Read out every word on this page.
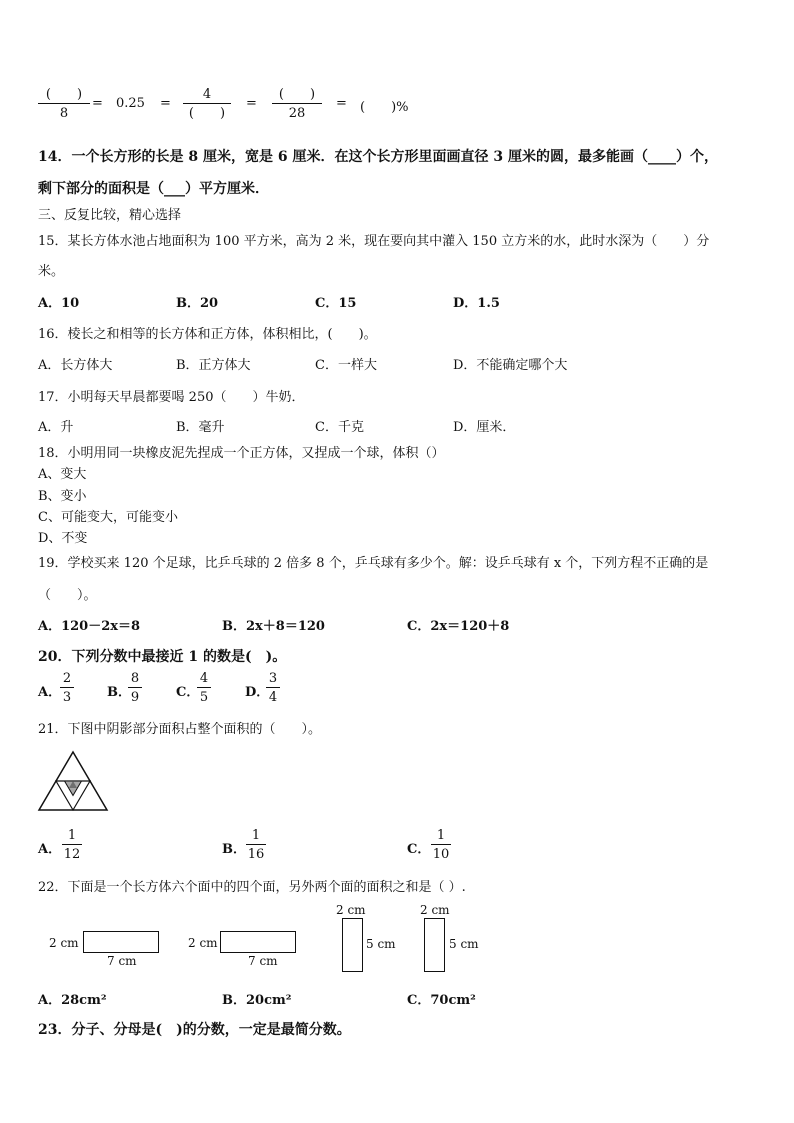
(　　)
8
= 0.25 =
4
(　　)
=
(　　)
28
= (　　)%
14．一个长方形的长是 8 厘米，宽是 6 厘米．在这个长方形里面画直径 3 厘米的圆，最多能画（____）个，
剩下部分的面积是（___）平方厘米．
三、反复比较，精心选择
15．某长方体水池占地面积为 100 平方米，高为 2 米，现在要向其中灌入 150 立方米的水，此时水深为（　　）分
米。
A．10	B．20	C．15	D．1.5
16．棱长之和相等的长方体和正方体，体积相比，(　　)。
A．长方体大	B．正方体大	C．一样大	D．不能确定哪个大
17．小明每天早晨都要喝 250（　　）牛奶．
A．升	B．毫升	C．千克	D．厘米．
18．小明用同一块橡皮泥先捏成一个正方体，又捏成一个球，体积（）
A、变大
B、变小
C、可能变大，可能变小
D、不变
19．学校买来 120 个足球，比乒乓球的 2 倍多 8 个，乒乓球有多少个。解：设乒乓球有 x 个，下列方程不正确的是
（　　）。
A．120－2x＝8	B．2x＋8＝120	C．2x＝120＋8
20．下列分数中最接近 1 的数是(　)。
A．
2
3	B．
8
9	C．
4
5	D．
3
4
21．下图中阴影部分面积占整个面积的（　　）。
A．
1
12	B．
1
16	C．
1
10
22．下面是一个长方体六个面中的四个面，另外两个面的面积之和是（ ）.
2 cm
7 cm
2 cm
7 cm
2 cm
5 cm
2 cm
5 cm
A．28cm²	B．20cm²	C．70cm²
23．分子、分母是(　)的分数，一定是最简分数。
